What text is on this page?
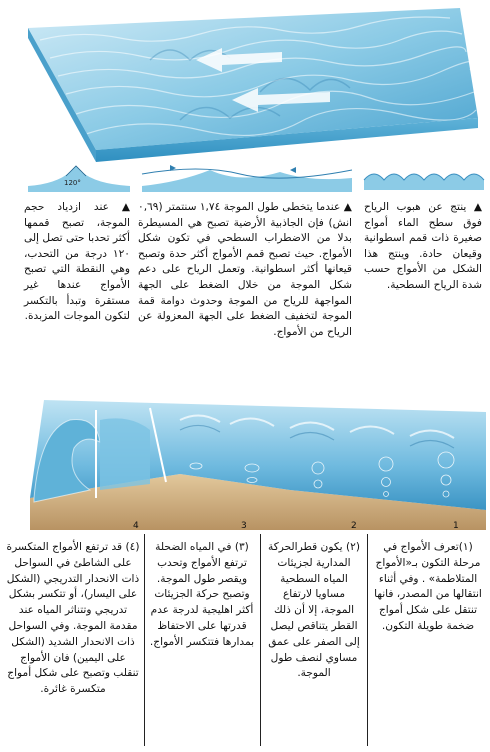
120°

▲ ينتج عن هبوب الرياح فوق سطح الماء أمواج صغيرة ذات قمم اسطوانية وقيعان حادة. وينتج هذا الشكل من الأمواج حسب شدة الرياح السطحية.

▲ عندما يتخطى طول الموجة ١,٧٤ سنتمتر (٠,٦٩ انش) فإن الجاذبية الأرضية تصبح هي المسيطرة بدلا من الاضطراب السطحي في تكون شكل الأمواج. حيث تصبح قمم الأمواج أكثر حدة وتصبح قيعانها أكثر اسطوانية. وتعمل الرياح على دعم شكل الموجة من خلال الضغط على الجهة المواجهة للرياح من الموجة وحدوث دوامة قمة الموجة لتخفيف الضغط على الجهة المعزولة عن الرياح من الأمواج.

▲ عند ازدياد حجم الموجة، تصبح قممها أكثر تحدبا حتى تصل إلى ١٢٠ درجة من التحدب، وهي النقطة التي تصبح الأمواج عندها غير مستقرة وتبدأ بالتكسر لتكون الموجات المزبدة.

1
2
3
4

(١)تعرف الأمواج في مرحلة التكون بـ«الأمواج المتلاطمة» . وفي أثناء انتقالها من المصدر، فانها تنتقل على شكل أمواج ضخمة طويلة التكون.

(٢) يكون قطرالحركة المدارية لجزيئات المياه السطحية مساويا لارتفاع الموجة، إلا أن ذلك القطر يتناقص ليصل إلى الصفر على عمق مساوي لنصف طول الموجة.

(٣) في المياه الضحلة ترتفع الأمواج وتحدب ويقصر طول الموجة. وتصبح حركة الجزيئات أكثر اهليجية لدرجة عدم قدرتها على الاحتفاظ بمدارها فتتكسر الأمواج.

(٤) قد ترتفع الأمواج المتكسرة على الشاطئ في السواحل ذات الانحدار التدريجي (الشكل على اليسار)، أو تتكسر بشكل تدريجي وتتناثر المياه عند مقدمة الموجة. وفي السواحل ذات الانحدار الشديد (الشكل على اليمين) فان الأمواج تنقلب وتصبح على شكل أمواج متكسرة غائرة.
